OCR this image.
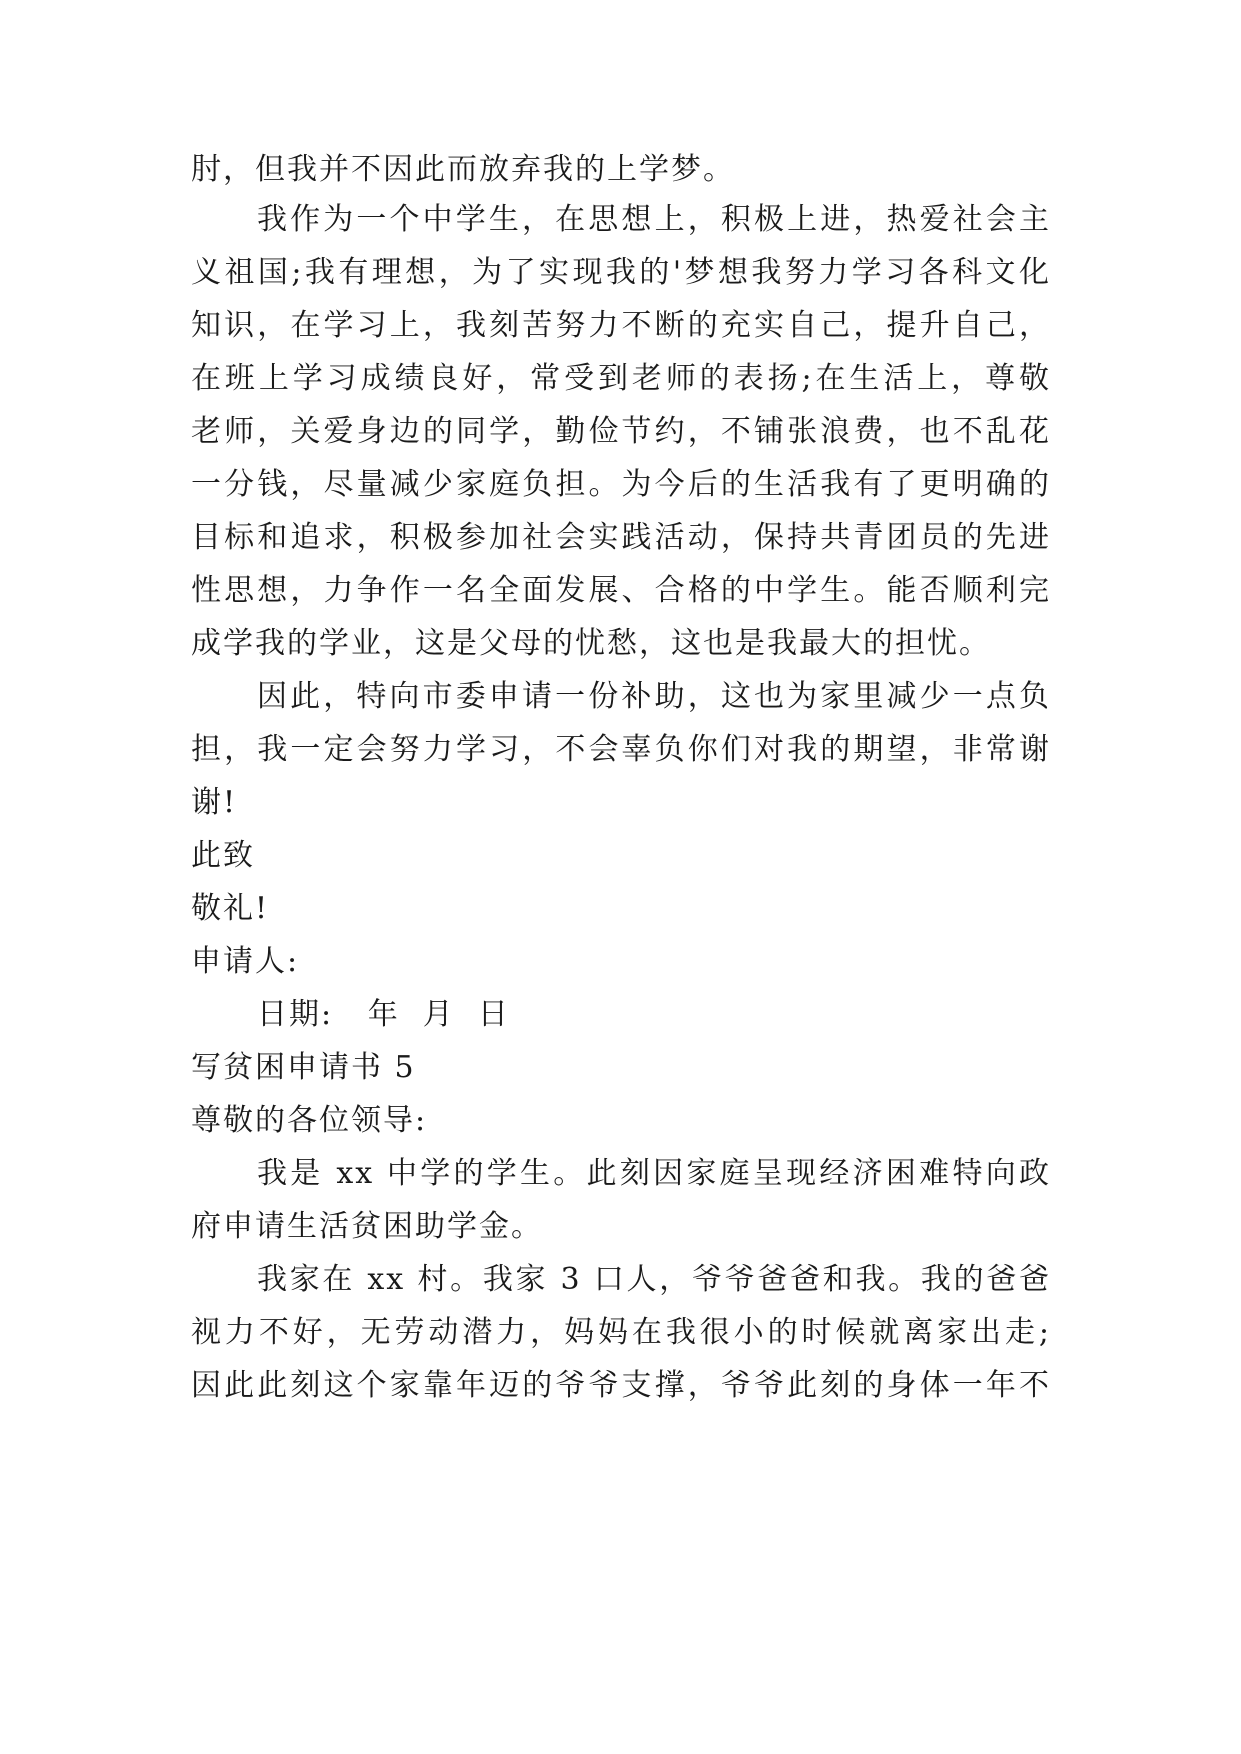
肘，但我并不因此而放弃我的上学梦。
我作为一个中学生，在思想上，积极上进，热爱社会主
义祖国;我有理想，为了实现我的'梦想我努力学习各科文化
知识，在学习上，我刻苦努力不断的充实自己，提升自己，
在班上学习成绩良好，常受到老师的表扬;在生活上，尊敬
老师，关爱身边的同学，勤俭节约，不铺张浪费，也不乱花
一分钱，尽量减少家庭负担。为今后的生活我有了更明确的
目标和追求，积极参加社会实践活动，保持共青团员的先进
性思想，力争作一名全面发展、合格的中学生。能否顺利完
成学我的学业，这是父母的忧愁，这也是我最大的担忧。
因此，特向市委申请一份补助，这也为家里减少一点负
担，我一定会努力学习，不会辜负你们对我的期望，非常谢
谢!
此致
敬礼!
申请人:
日期:   年  月  日
写贫困申请书 5
尊敬的各位领导:
我是 xx 中学的学生。此刻因家庭呈现经济困难特向政
府申请生活贫困助学金。
我家在 xx 村。我家 3 口人，爷爷爸爸和我。我的爸爸
视力不好，无劳动潜力，妈妈在我很小的时候就离家出走;
因此此刻这个家靠年迈的爷爷支撑，爷爷此刻的身体一年不
